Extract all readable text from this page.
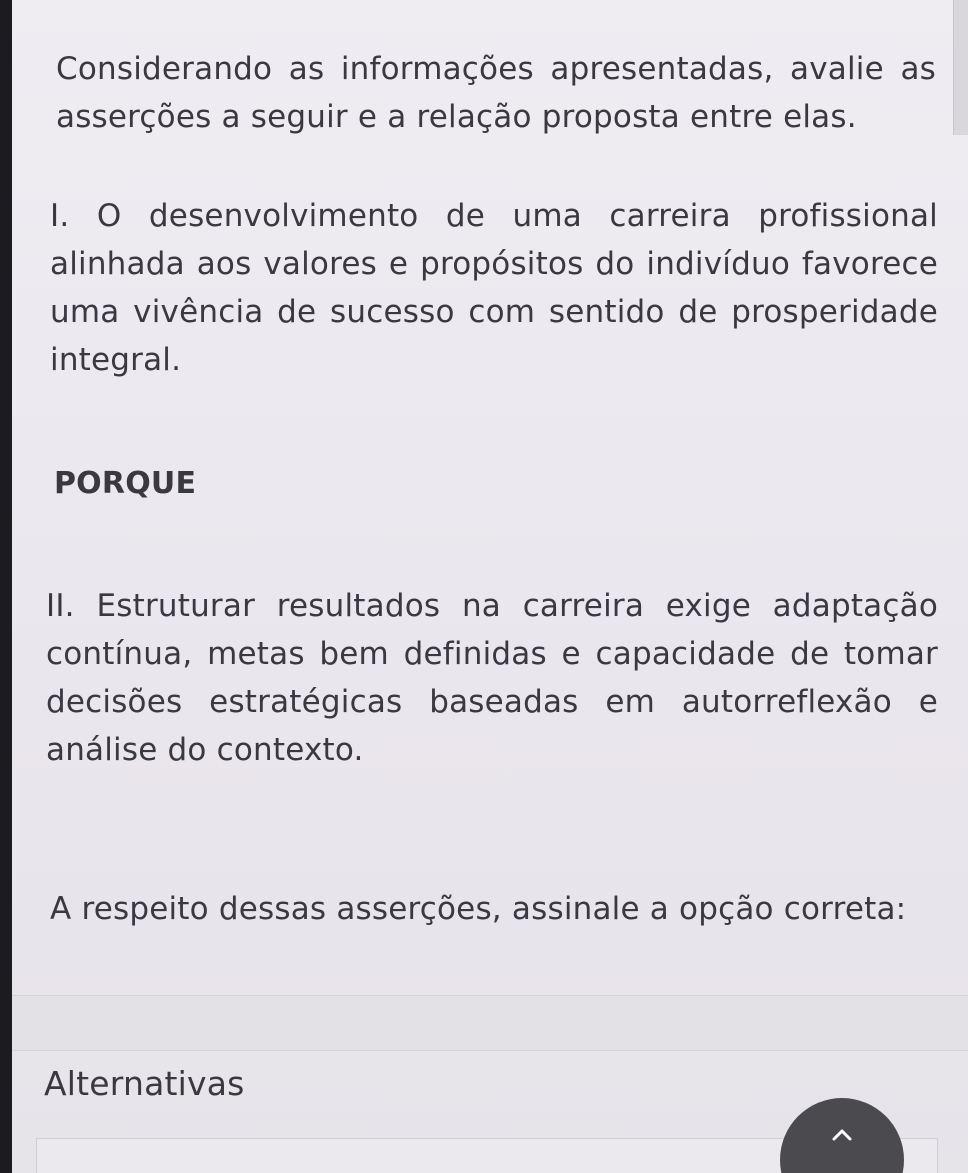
Considerando as informações apresentadas, avalie as asserções a seguir e a relação proposta entre elas.
I. O desenvolvimento de uma carreira profissional alinhada aos valores e propósitos do indivíduo favorece uma vivência de sucesso com sentido de prosperidade integral.
PORQUE
II. Estruturar resultados na carreira exige adaptação contínua, metas bem definidas e capacidade de tomar decisões estratégicas baseadas em autorreflexão e análise do contexto.
A respeito dessas asserções, assinale a opção correta:
Alternativas
